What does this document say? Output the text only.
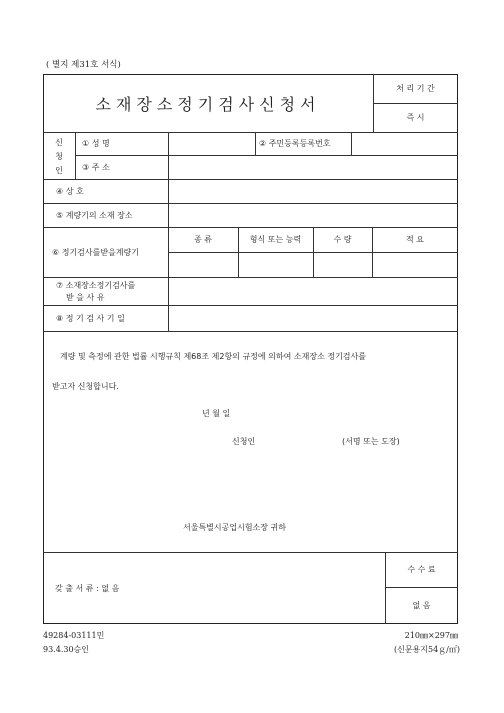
( 별지 제31호 서식)
소재장소정기검사신청서
처 리 기 간
즉 시
신
청
인
① 성 명	② 주민등록등록번호
③ 주 소
④ 상 호
⑤ 계량기의 소재 장소
⑥ 정기검사를받을계량기
종 류	형식 또는 능력	수 량	적 요
⑦ 소재장소정기검사를
받 을 사 유
⑧ 정 기 검 사 기 일
계량 및 측정에 관한 법률 시행규칙 제68조 제2항의 규정에 의하여 소재장소 정기검사를
받고자 신청합니다.
년 월 일
신청인	(서명 또는 도장)
서울특별시공업시험소장 귀하
갖 출 서 류 : 없 음
수 수 료
없 음
49284-03111민
93.4.30승인
210㎜×297㎜
(신문용지54ｇ/㎡)
